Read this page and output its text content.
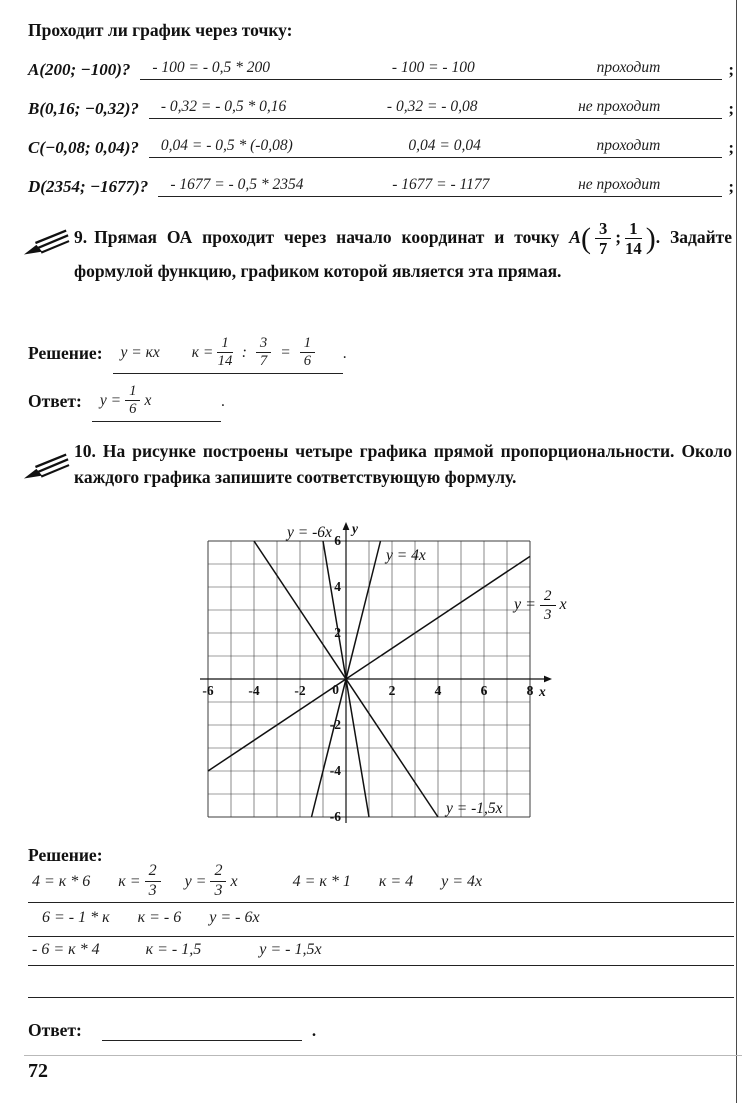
Проходит ли график через точку:
А(200; −100)? - 100 = - 0,5 * 200	- 100 = - 100	проходит	;
В(0,16; −0,32)? - 0,32 = - 0,5 * 0,16	- 0,32 = - 0,08	не проходит	;
С(−0,08; 0,04)? 0,04 = - 0,5 * (-0,08)	0,04 = 0,04	проходит	;
D(2354; −1677)? - 1677 = - 0,5 * 2354	- 1677 = - 1177	не проходит	;

9. Прямая ОА проходит через начало координат и точку $А( \frac{3}{7}$ ; $\frac{1}{14}$ ). Задайте формулой функцию, графиком которой является эта прямая.

Решение: у = кх $к = \frac{1}{14}$ : $\frac{3}{7} = \frac{1}{6}$ .
Ответ: $у = \frac{1}{6}$ х	.

10. На рисунке построены четыре графика прямой пропорциональности. Около каждого графика запишите соответствующую формулу.

-6	-4	-2 0	2	4	6	8
6
4
2
-2
-4
-6
у
х
у = -6х
у = 4х
$у = \frac{2}{3}$ х
у = -1,5х
Решение:
4 = к * 6 $к = \frac{2}{3}$ $у = \frac{2}{3}$ х	4 = к * 1 к = 4 у = 4х
6 = - 1 * к к = - 6 у = - 6х
- 6 = к * 4	к = - 1,5	у = - 1,5х
Ответ:	.
72
